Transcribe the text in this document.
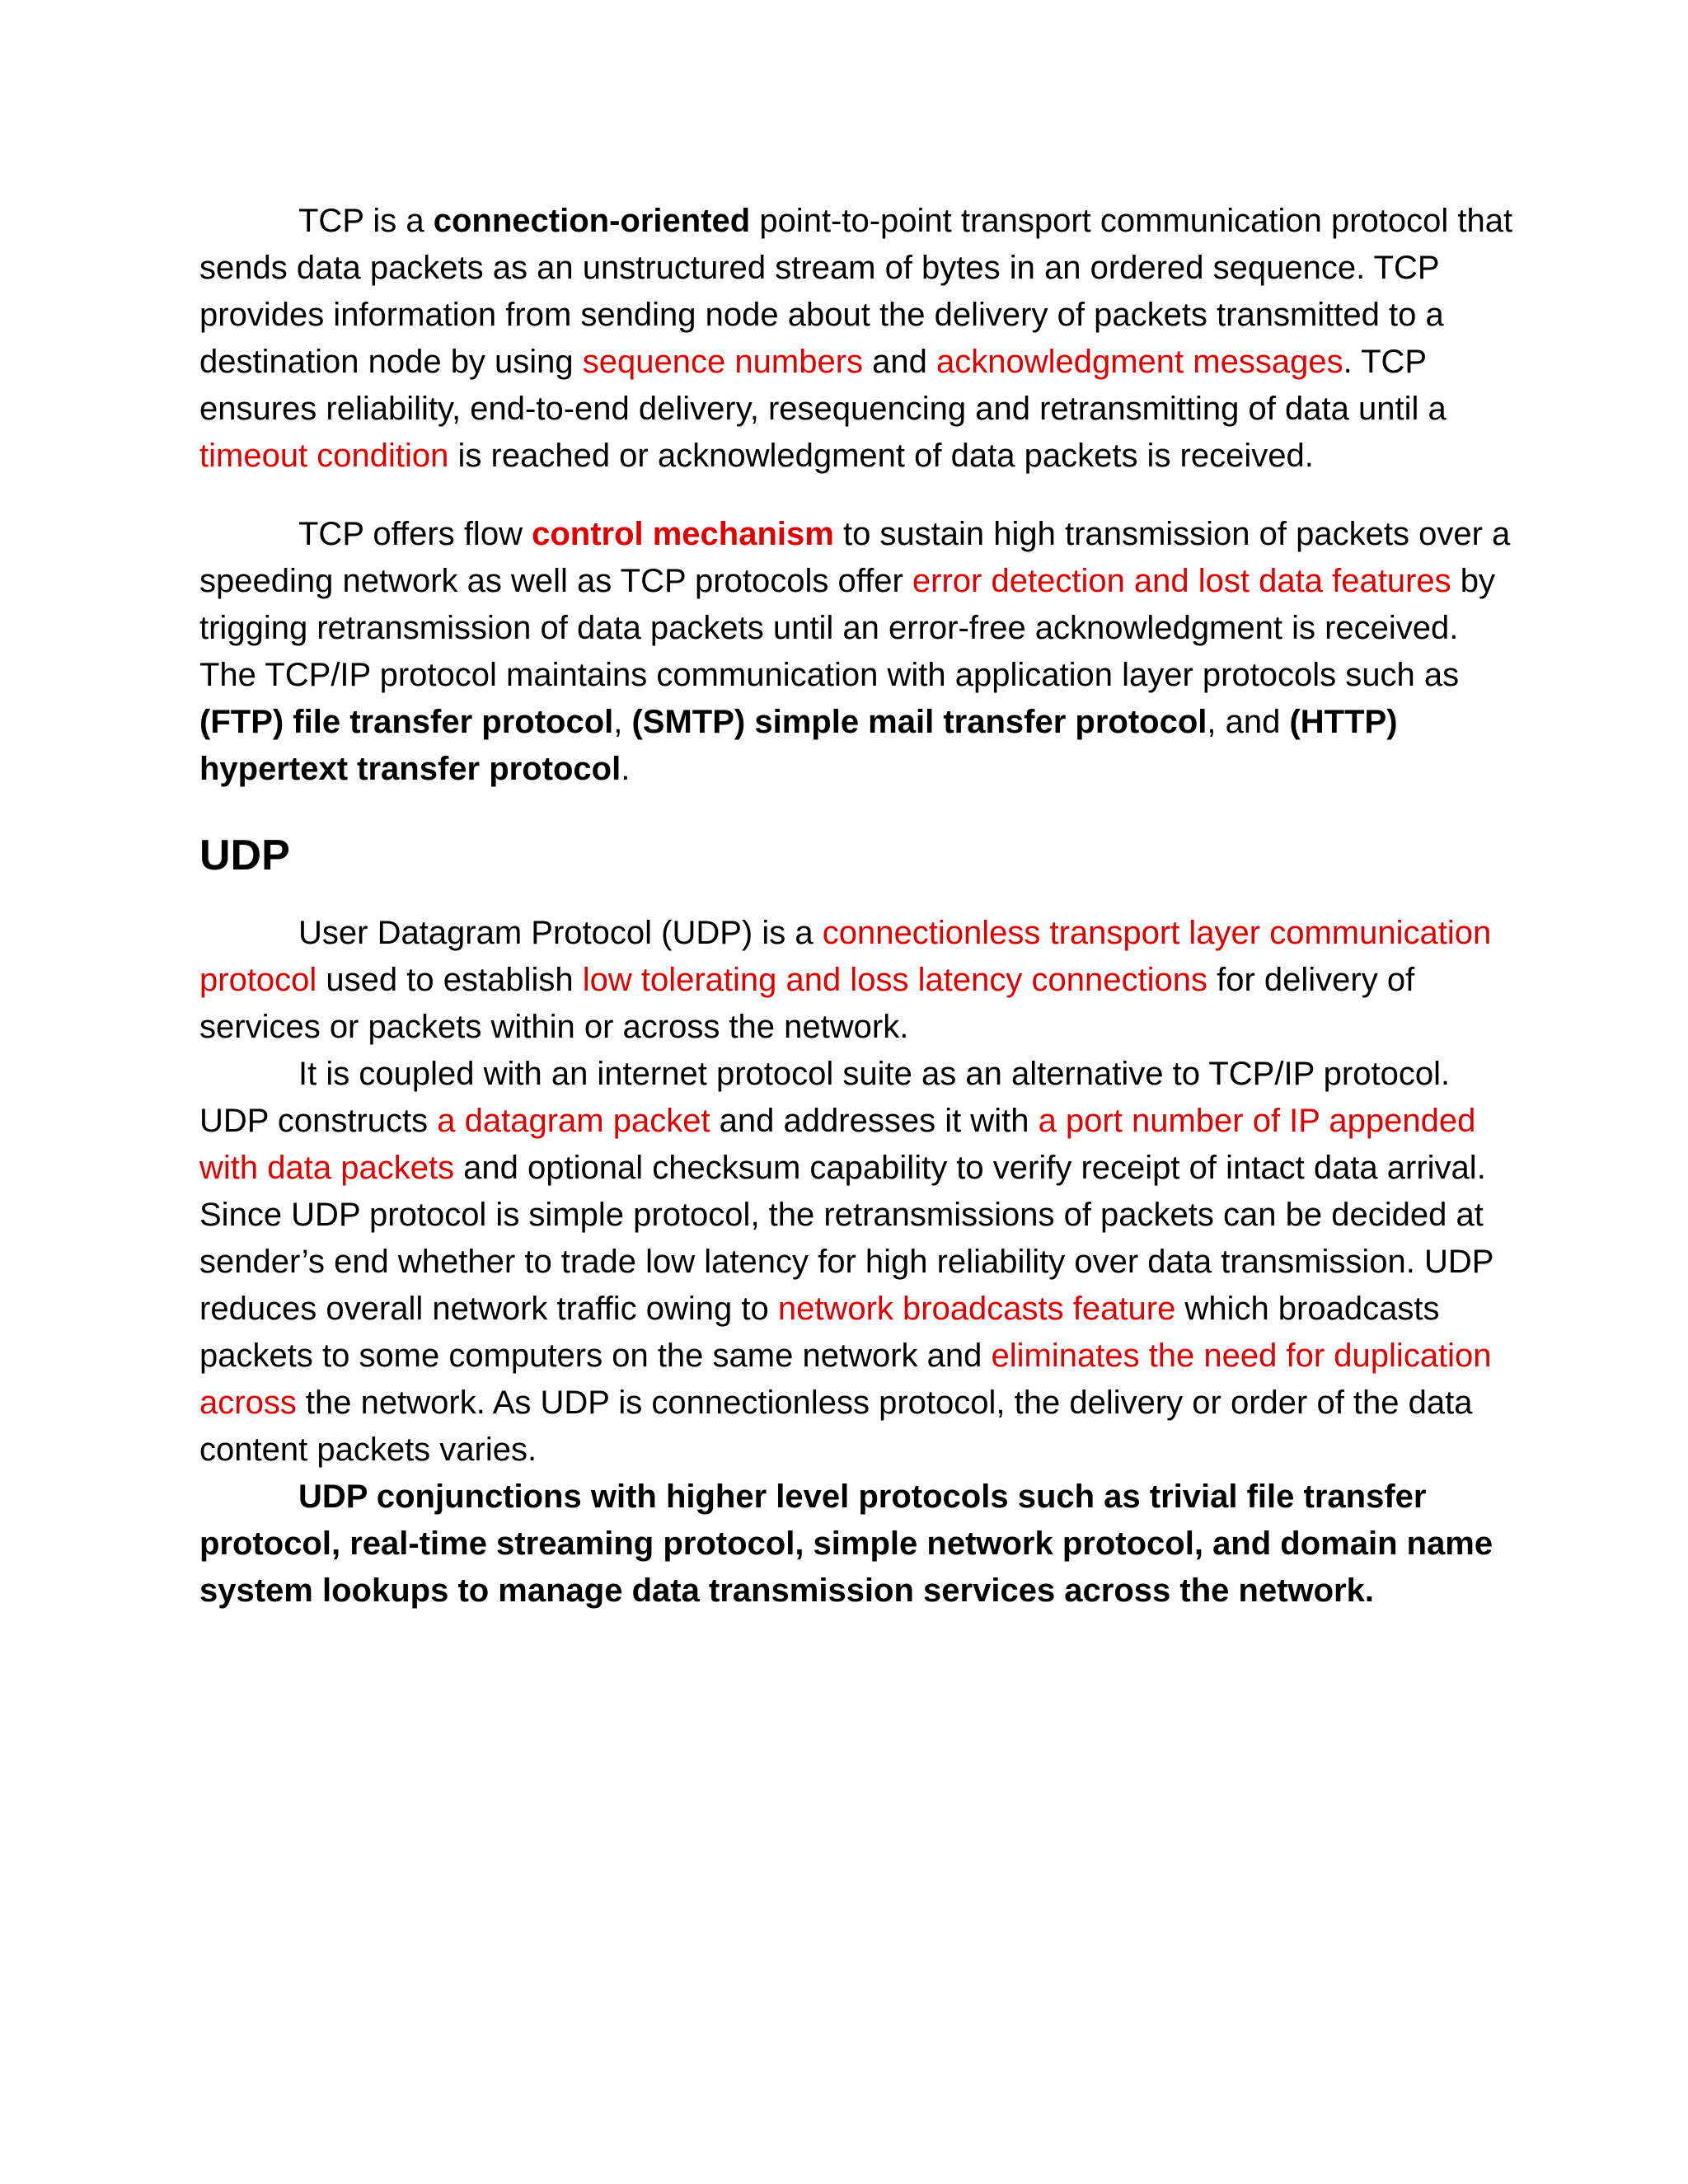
TCP is a connection-oriented point-to-point transport communication protocol that sends data packets as an unstructured stream of bytes in an ordered sequence. TCP provides information from sending node about the delivery of packets transmitted to a destination node by using sequence numbers and acknowledgment messages. TCP ensures reliability, end-to-end delivery, resequencing and retransmitting of data until a timeout condition is reached or acknowledgment of data packets is received.

TCP offers flow control mechanism to sustain high transmission of packets over a speeding network as well as TCP protocols offer error detection and lost data features by trigging retransmission of data packets until an error-free acknowledgment is received. The TCP/IP protocol maintains communication with application layer protocols such as (FTP) file transfer protocol, (SMTP) simple mail transfer protocol, and (HTTP) hypertext transfer protocol.

UDP

User Datagram Protocol (UDP) is a connectionless transport layer communication protocol used to establish low tolerating and loss latency connections for delivery of services or packets within or across the network.

It is coupled with an internet protocol suite as an alternative to TCP/IP protocol. UDP constructs a datagram packet and addresses it with a port number of IP appended with data packets and optional checksum capability to verify receipt of intact data arrival. Since UDP protocol is simple protocol, the retransmissions of packets can be decided at sender’s end whether to trade low latency for high reliability over data transmission. UDP reduces overall network traffic owing to network broadcasts feature which broadcasts packets to some computers on the same network and eliminates the need for duplication across the network. As UDP is connectionless protocol, the delivery or order of the data content packets varies.

UDP conjunctions with higher level protocols such as trivial file transfer protocol, real-time streaming protocol, simple network protocol, and domain name system lookups to manage data transmission services across the network.
